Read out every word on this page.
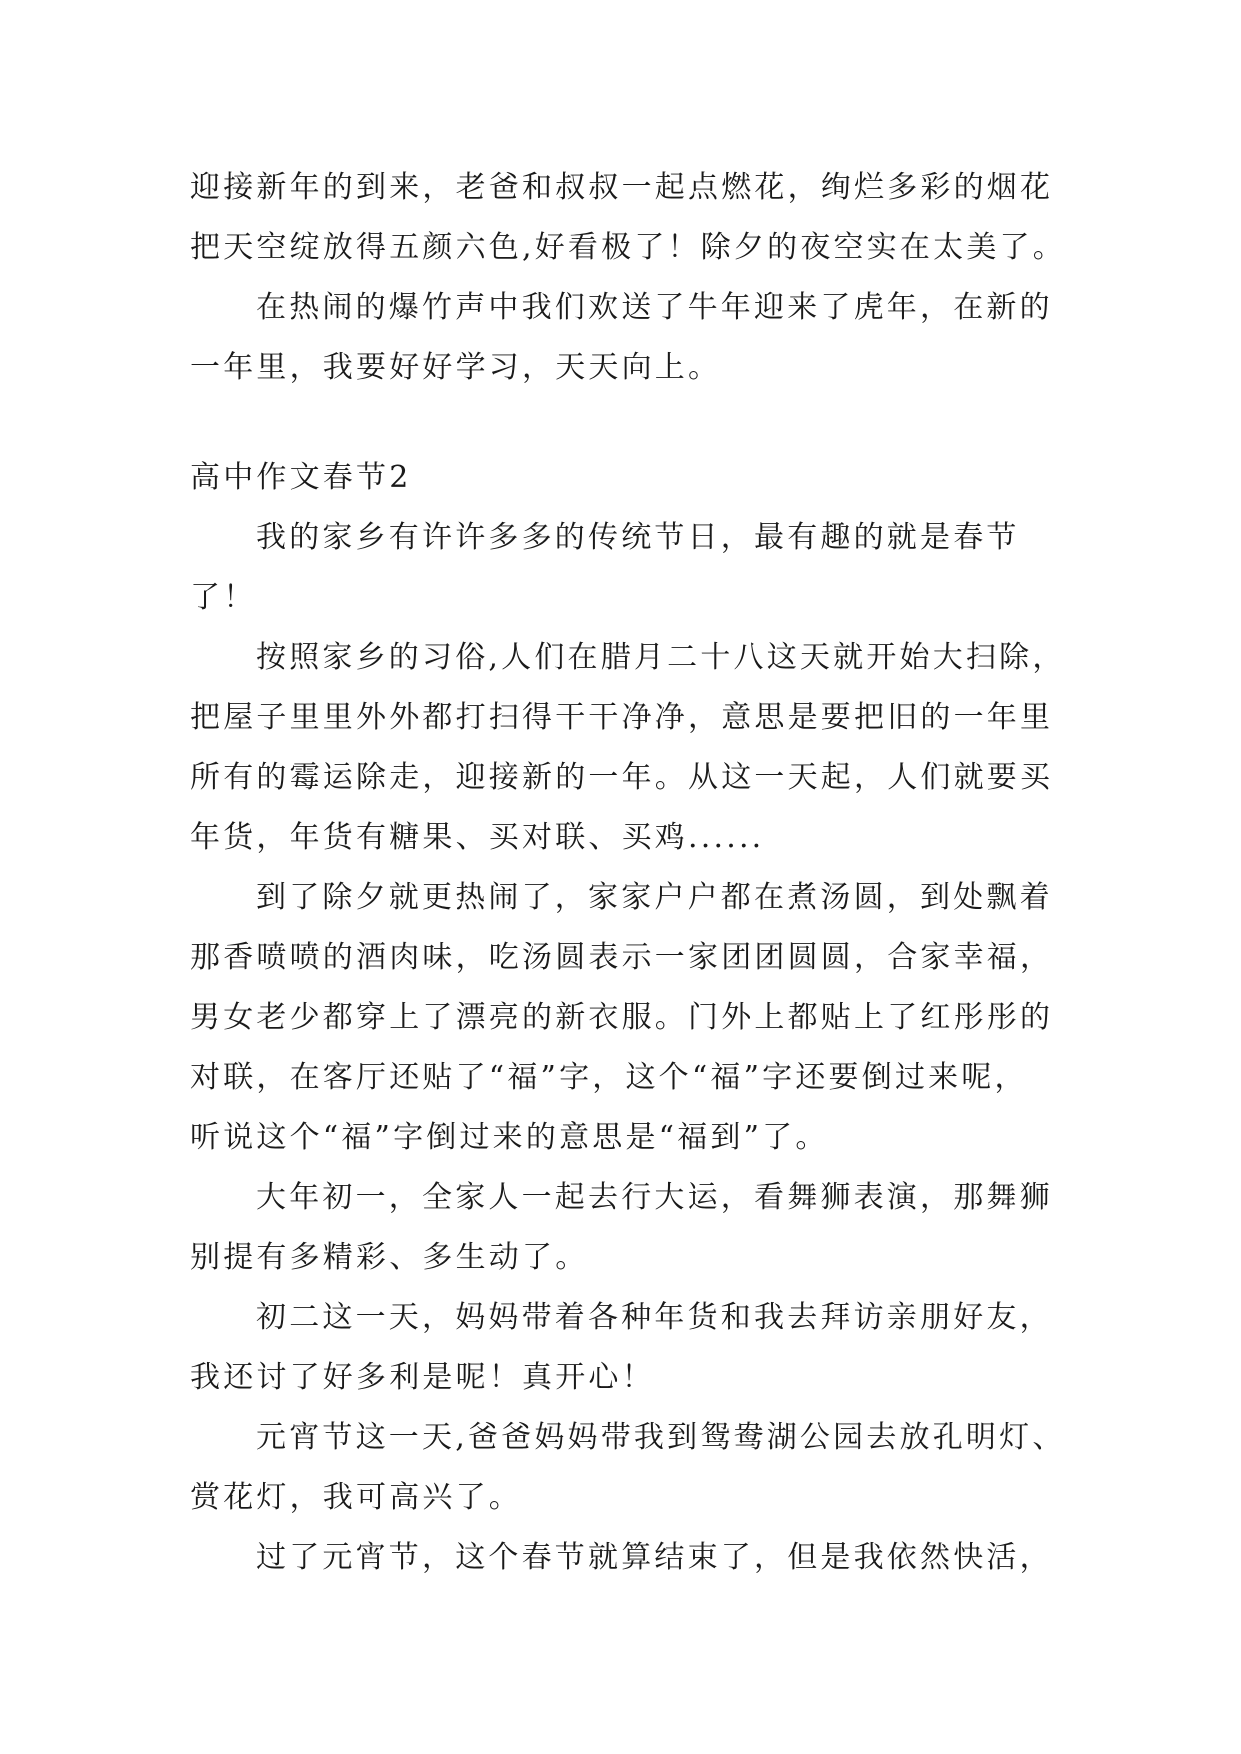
迎接新年的到来，老爸和叔叔一起点燃花，绚烂多彩的烟花
把天空绽放得五颜六色,好看极了！除夕的夜空实在太美了。
在热闹的爆竹声中我们欢送了牛年迎来了虎年，在新的
一年里，我要好好学习，天天向上。
高中作文春节2
我的家乡有许许多多的传统节日，最有趣的就是春节
了！
按照家乡的习俗,人们在腊月二十八这天就开始大扫除，
把屋子里里外外都打扫得干干净净，意思是要把旧的一年里
所有的霉运除走，迎接新的一年。从这一天起，人们就要买
年货，年货有糖果、买对联、买鸡......
到了除夕就更热闹了，家家户户都在煮汤圆，到处飘着
那香喷喷的酒肉味，吃汤圆表示一家团团圆圆，合家幸福，
男女老少都穿上了漂亮的新衣服。门外上都贴上了红彤彤的
对联，在客厅还贴了“福”字，这个“福”字还要倒过来呢，
听说这个“福”字倒过来的意思是“福到”了。
大年初一，全家人一起去行大运，看舞狮表演，那舞狮
别提有多精彩、多生动了。
初二这一天，妈妈带着各种年货和我去拜访亲朋好友，
我还讨了好多利是呢！真开心！
元宵节这一天,爸爸妈妈带我到鸳鸯湖公园去放孔明灯、
赏花灯，我可高兴了。
过了元宵节，这个春节就算结束了，但是我依然快活，
